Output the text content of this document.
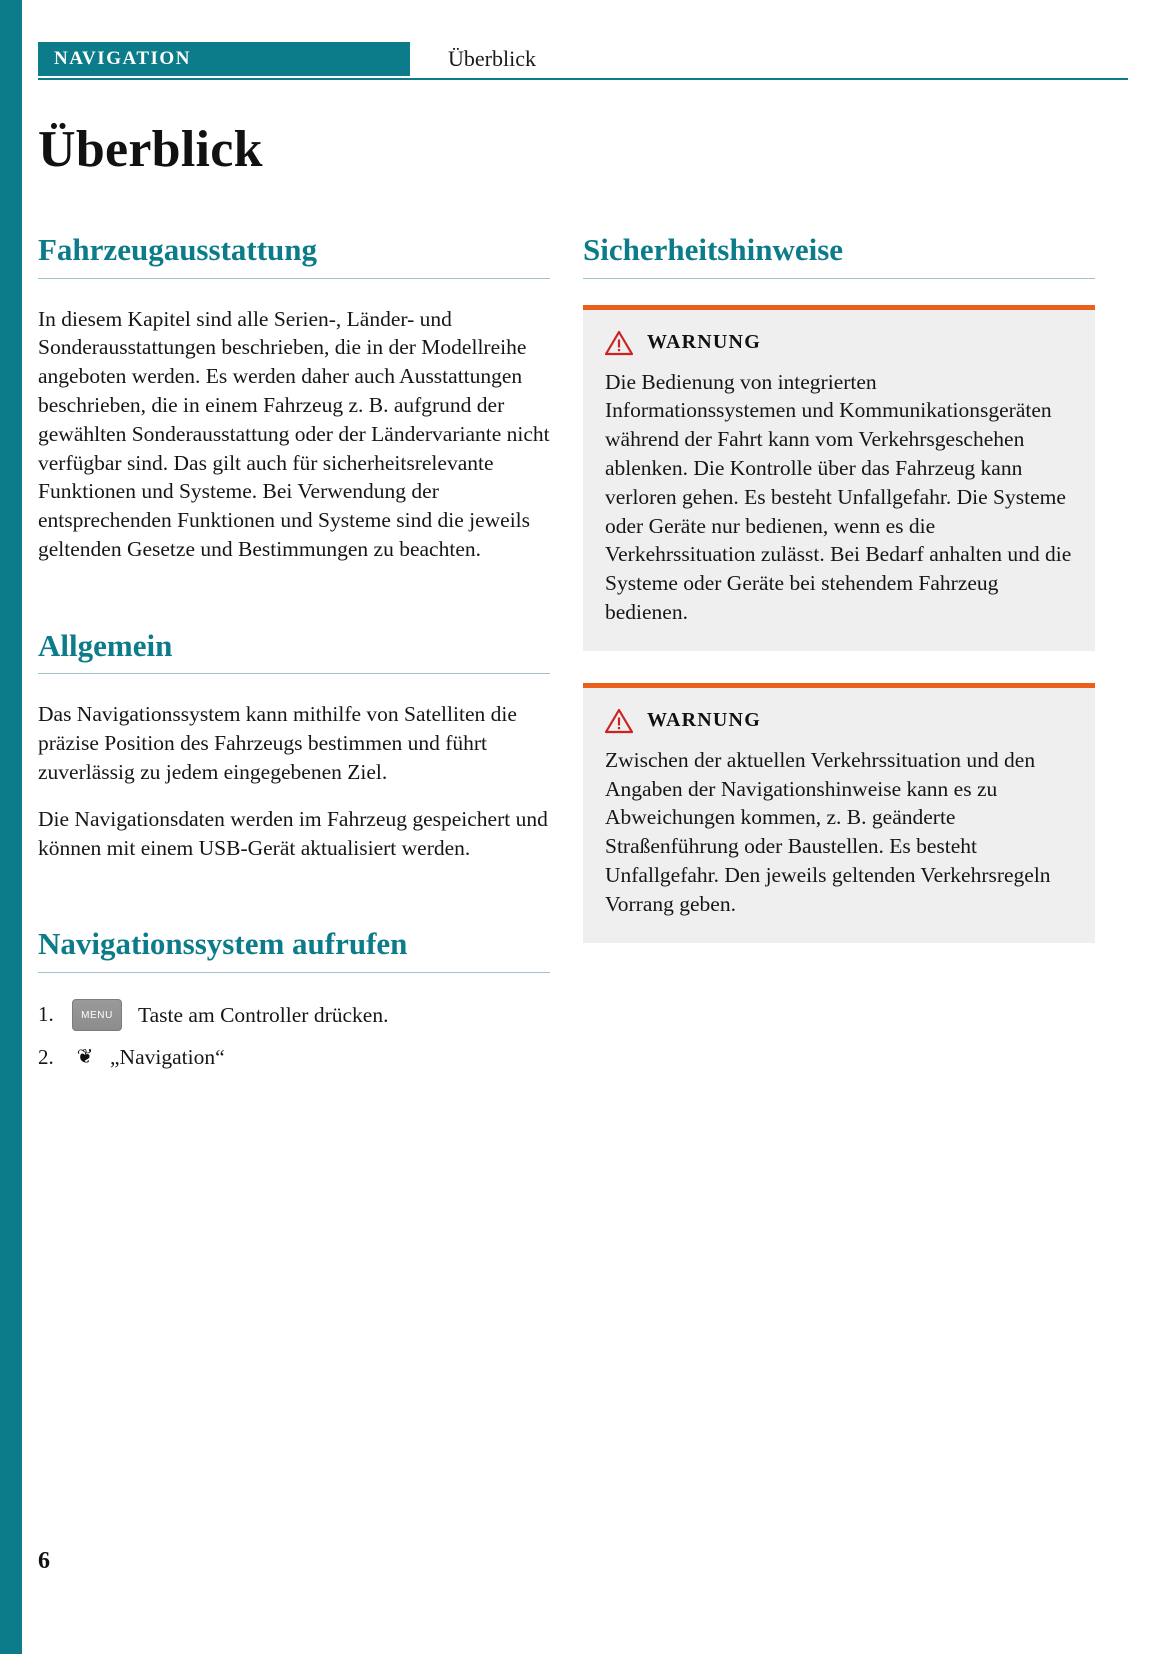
NAVIGATION	Überblick
Überblick
Fahrzeugausstattung

In diesem Kapitel sind alle Serien-, Länder- und Sonderausstattungen beschrieben, die in der Modellreihe angeboten werden. Es werden daher auch Ausstattungen beschrieben, die in einem Fahrzeug z. B. aufgrund der gewählten Sonderausstattung oder der Ländervariante nicht verfügbar sind. Das gilt auch für sicherheitsrelevante Funktionen und Systeme. Bei Verwendung der entsprechenden Funktionen und Systeme sind die jeweils geltenden Gesetze und Bestimmungen zu beachten.

Allgemein

Das Navigationssystem kann mithilfe von Satelliten die präzise Position des Fahrzeugs bestimmen und führt zuverlässig zu jedem eingegebenen Ziel.

Die Navigationsdaten werden im Fahrzeug gespeichert und können mit einem USB-Gerät aktualisiert werden.

Navigationssystem aufrufen
1.	MENU	Taste am Controller drücken.
2.	❦ „Navigation“
Sicherheitshinweise
WARNUNG

Die Bedienung von integrierten Informationssystemen und Kommunikationsgeräten während der Fahrt kann vom Verkehrsgeschehen ablenken. Die Kontrolle über das Fahrzeug kann verloren gehen. Es besteht Unfallgefahr. Die Systeme oder Geräte nur bedienen, wenn es die Verkehrssituation zulässt. Bei Bedarf anhalten und die Systeme oder Geräte bei stehendem Fahrzeug bedienen.

WARNUNG

Zwischen der aktuellen Verkehrssituation und den Angaben der Navigationshinweise kann es zu Abweichungen kommen, z. B. geänderte Straßenführung oder Baustellen. Es besteht Unfallgefahr. Den jeweils geltenden Verkehrsregeln Vorrang geben.

6
